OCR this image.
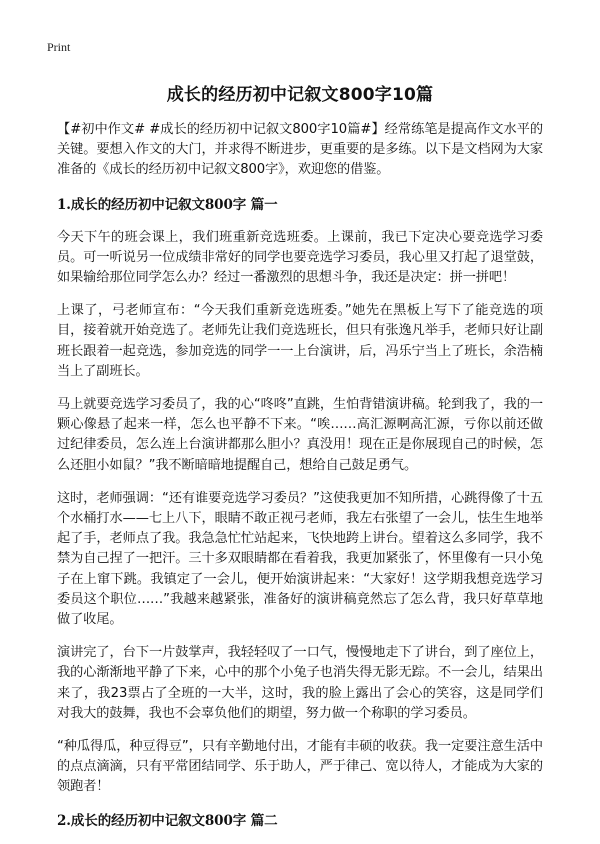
Print
成长的经历初中记叙文800字10篇

【#初中作文# #成长的经历初中记叙文800字10篇#】经常练笔是提高作文水平的关键。要想入作文的大门，并求得不断进步，更重要的是多练。以下是文档网为大家准备的《成长的经历初中记叙文800字》，欢迎您的借鉴。

1.成长的经历初中记叙文800字 篇一

今天下午的班会课上，我们班重新竞选班委。上课前，我已下定决心要竞选学习委员。可一听说另一位成绩非常好的同学也要竞选学习委员，我心里又打起了退堂鼓，如果输给那位同学怎么办？经过一番激烈的思想斗争，我还是决定：拼一拼吧！

上课了，弓老师宣布：“今天我们重新竞选班委。”她先在黑板上写下了能竞选的项目，接着就开始竞选了。老师先让我们竞选班长，但只有张逸凡举手，老师只好让副班长跟着一起竞选，参加竞选的同学一一上台演讲，后，冯乐宁当上了班长，余浩楠当上了副班长。

马上就要竞选学习委员了，我的心“咚咚”直跳，生怕背错演讲稿。轮到我了，我的一颗心像悬了起来一样，怎么也平静不下来。“唉……高汇源啊高汇源，亏你以前还做过纪律委员，怎么连上台演讲都那么胆小？真没用！现在正是你展现自己的时候，怎么还胆小如鼠？”我不断暗暗地提醒自己，想给自己鼓足勇气。

这时，老师强调：“还有谁要竞选学习委员？”这使我更加不知所措，心跳得像了十五个水桶打水——七上八下，眼睛不敢正视弓老师，我左右张望了一会儿，怯生生地举起了手，老师点了我。我急急忙忙站起来，飞快地跨上讲台。望着这么多同学，我不禁为自己捏了一把汗。三十多双眼睛都在看着我，我更加紧张了，怀里像有一只小兔子在上窜下跳。我镇定了一会儿，便开始演讲起来：“大家好！这学期我想竞选学习委员这个职位……”我越来越紧张，准备好的演讲稿竟然忘了怎么背，我只好草草地做了收尾。

演讲完了，台下一片鼓掌声，我轻轻叹了一口气，慢慢地走下了讲台，到了座位上，我的心渐渐地平静了下来，心中的那个小兔子也消失得无影无踪。不一会儿，结果出来了，我23票占了全班的一大半，这时，我的脸上露出了会心的笑容，这是同学们对我大的鼓舞，我也不会辜负他们的期望，努力做一个称职的学习委员。

“种瓜得瓜，种豆得豆”，只有辛勤地付出，才能有丰硕的收获。我一定要注意生活中的点点滴滴，只有平常团结同学、乐于助人，严于律己、宽以待人，才能成为大家的领跑者！

2.成长的经历初中记叙文800字 篇二
